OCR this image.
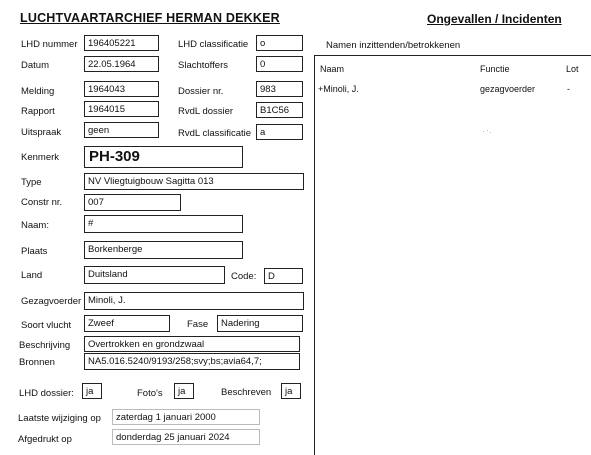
LUCHTVAARTARCHIEF HERMAN DEKKER	Ongevallen / Incidenten
LHD nummer	196405221	LHD classificatie	o
Datum	22.05.1964	Slachtoffers	0
Melding	1964043	Dossier nr.	983
Rapport	1964015	RvdL dossier	B1C56
Uitspraak	geen	RvdL classificatie a
Kenmerk	PH-309
Type	NV Vliegtuigbouw Sagitta 013
Constr nr.	007
Naam:	#
Plaats	Borkenberge
Land	Duitsland	Code:	D
Gezagvoerder Minoli, J.
Soort vlucht	Zweef	Fase	Nadering
Beschrijving	Overtrokken en grondzwaal
Bronnen	NA5.016.5240/9193/258;svy;bs;avia64,7;
LHD dossier:	ja	Foto's	ja	Beschreven	ja
Laatste wijziging op	zaterdag 1 januari 2000
Afgedrukt op	donderdag 25 januari 2024
Namen inzittenden/betrokkenen
Naam	Functie	Lot
+Minoli, J.	gezagvoerder	-
